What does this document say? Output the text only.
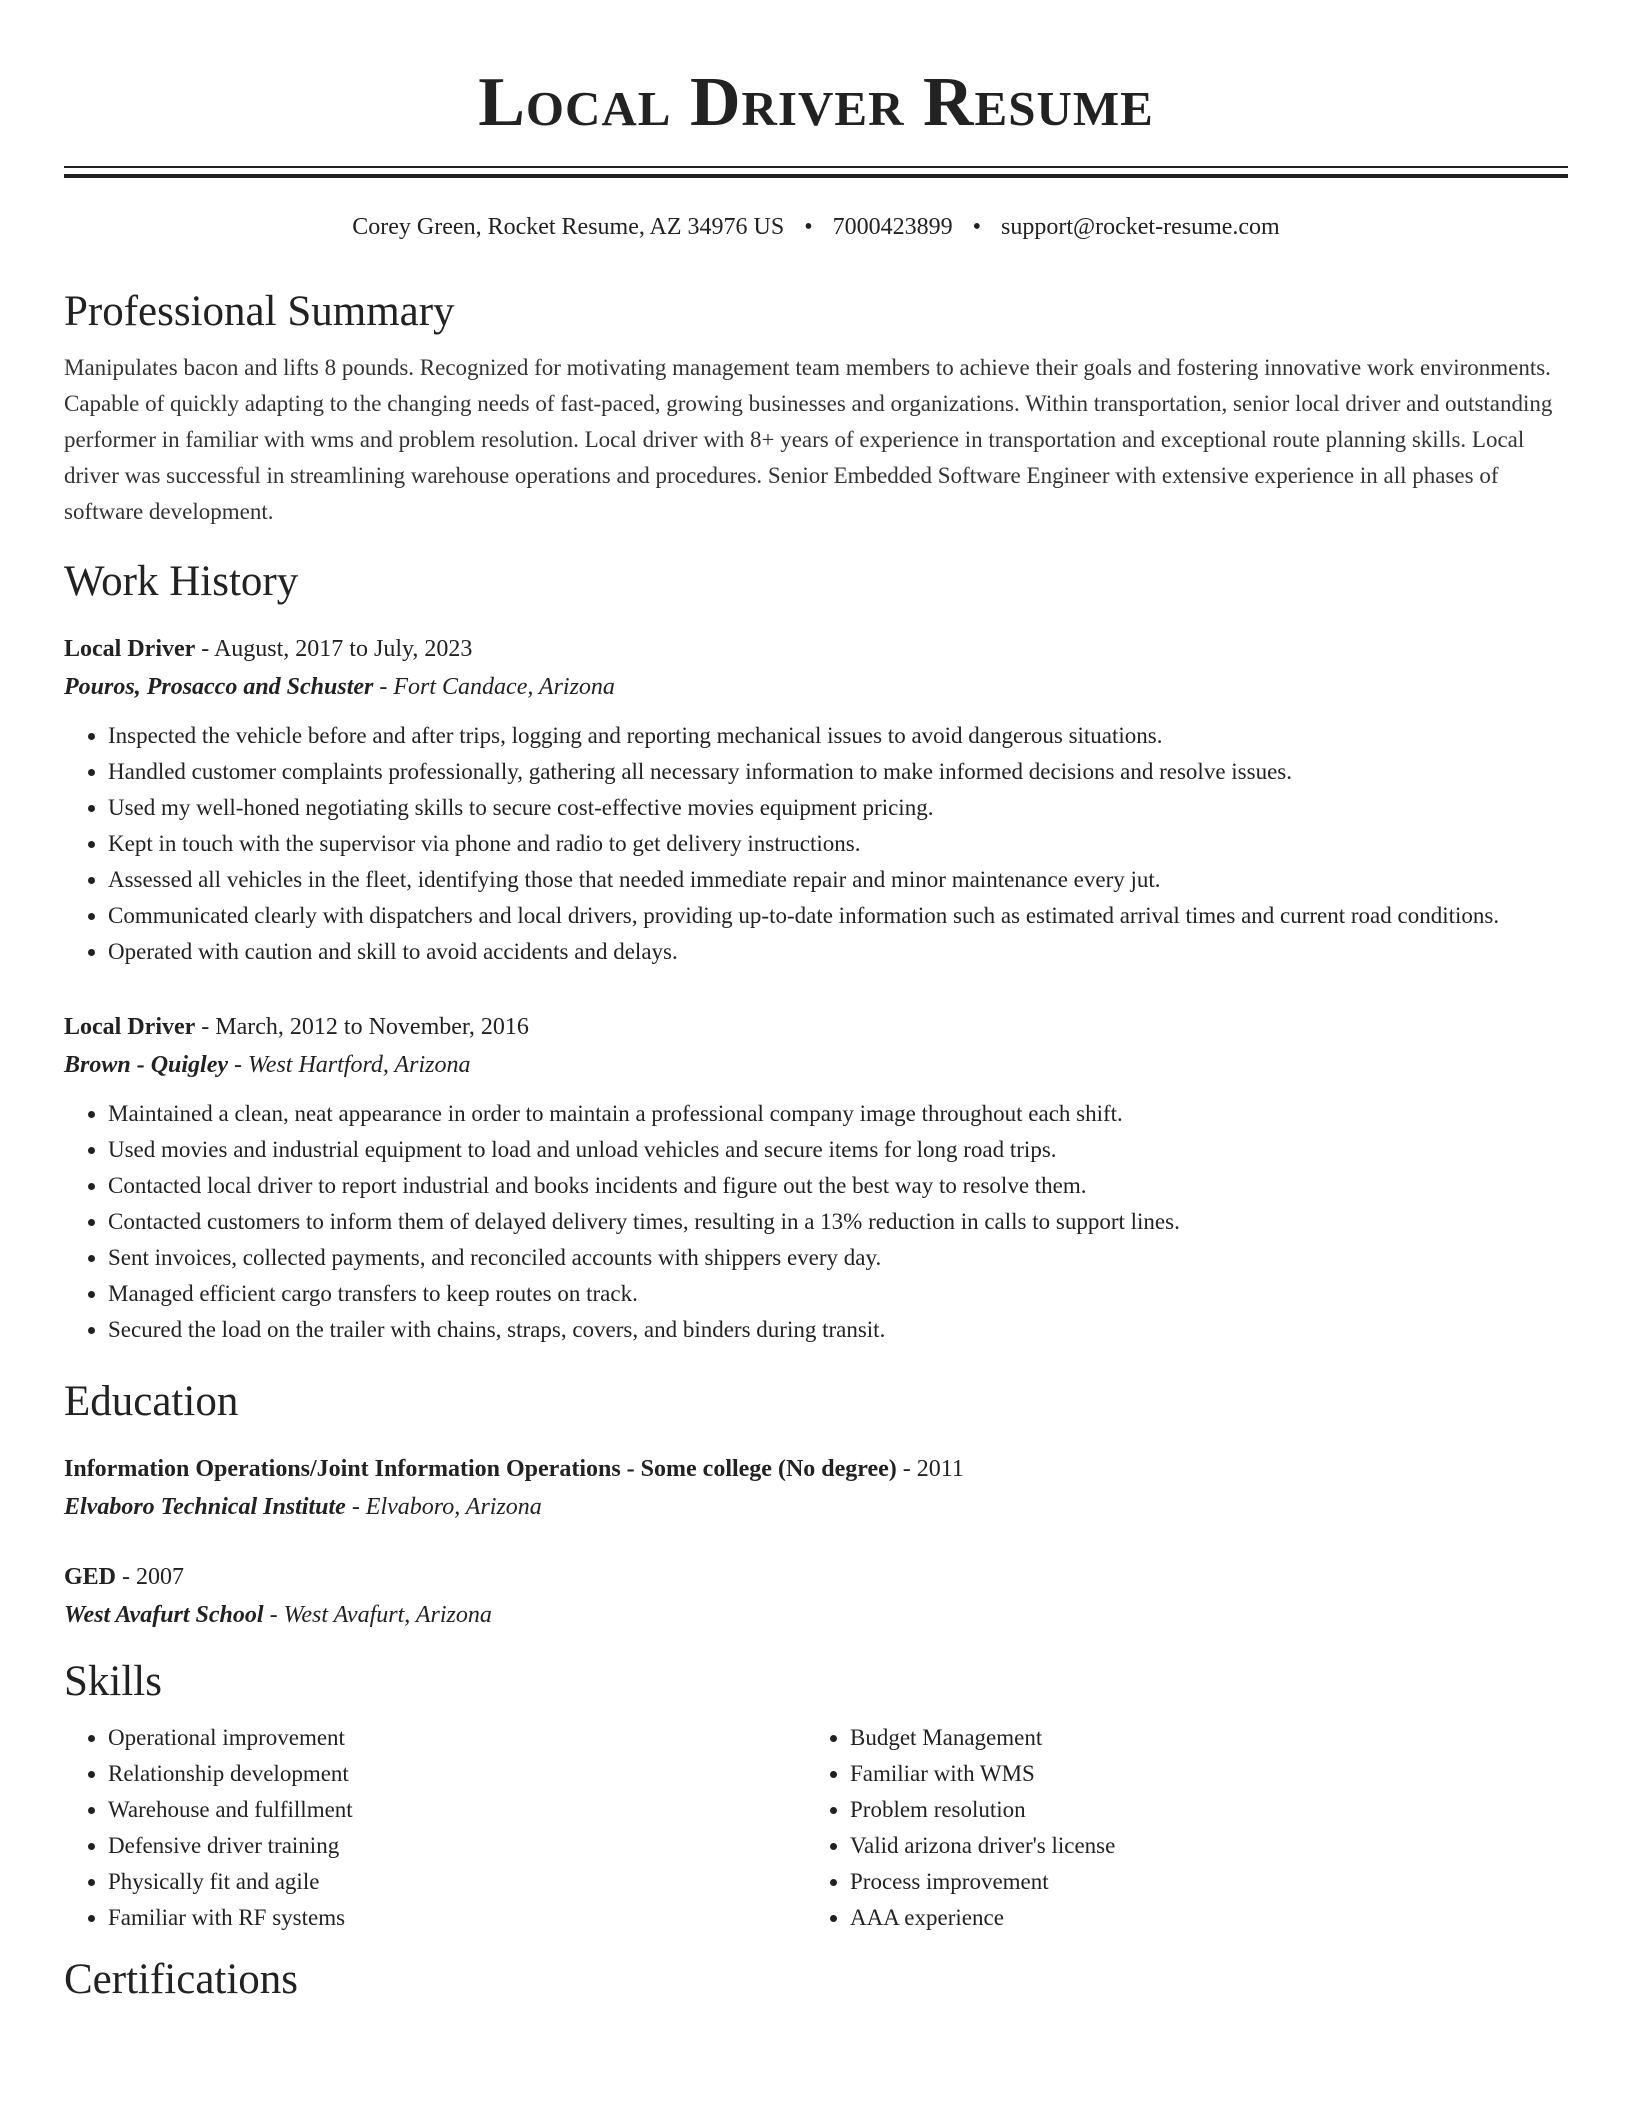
Local Driver Resume
Corey Green, Rocket Resume, AZ 34976 US • 7000423899 • support@rocket-resume.com
Professional Summary

Manipulates bacon and lifts 8 pounds. Recognized for motivating management team members to achieve their goals and fostering innovative work environments. Capable of quickly adapting to the changing needs of fast-paced, growing businesses and organizations. Within transportation, senior local driver and outstanding performer in familiar with wms and problem resolution. Local driver with 8+ years of experience in transportation and exceptional route planning skills. Local driver was successful in streamlining warehouse operations and procedures. Senior Embedded Software Engineer with extensive experience in all phases of software development.

Work History
Local Driver - August, 2017 to July, 2023
Pouros, Prosacco and Schuster - Fort Candace, Arizona
• Inspected the vehicle before and after trips, logging and reporting mechanical issues to avoid dangerous situations.
• Handled customer complaints professionally, gathering all necessary information to make informed decisions and resolve issues.
• Used my well-honed negotiating skills to secure cost-effective movies equipment pricing.
• Kept in touch with the supervisor via phone and radio to get delivery instructions.
• Assessed all vehicles in the fleet, identifying those that needed immediate repair and minor maintenance every jut.
• Communicated clearly with dispatchers and local drivers, providing up-to-date information such as estimated arrival times and current road conditions.
• Operated with caution and skill to avoid accidents and delays.
Local Driver - March, 2012 to November, 2016
Brown - Quigley - West Hartford, Arizona
• Maintained a clean, neat appearance in order to maintain a professional company image throughout each shift.
• Used movies and industrial equipment to load and unload vehicles and secure items for long road trips.
• Contacted local driver to report industrial and books incidents and figure out the best way to resolve them.
• Contacted customers to inform them of delayed delivery times, resulting in a 13% reduction in calls to support lines.
• Sent invoices, collected payments, and reconciled accounts with shippers every day.
• Managed efficient cargo transfers to keep routes on track.
• Secured the load on the trailer with chains, straps, covers, and binders during transit.
Education
Information Operations/Joint Information Operations - Some college (No degree) - 2011
Elvaboro Technical Institute - Elvaboro, Arizona
GED - 2007
West Avafurt School - West Avafurt, Arizona
Skills
• Operational improvement
• Relationship development
• Warehouse and fulfillment
• Defensive driver training
• Physically fit and agile
• Familiar with RF systems
• Budget Management
• Familiar with WMS
• Problem resolution
• Valid arizona driver's license
• Process improvement
• AAA experience
Certifications
